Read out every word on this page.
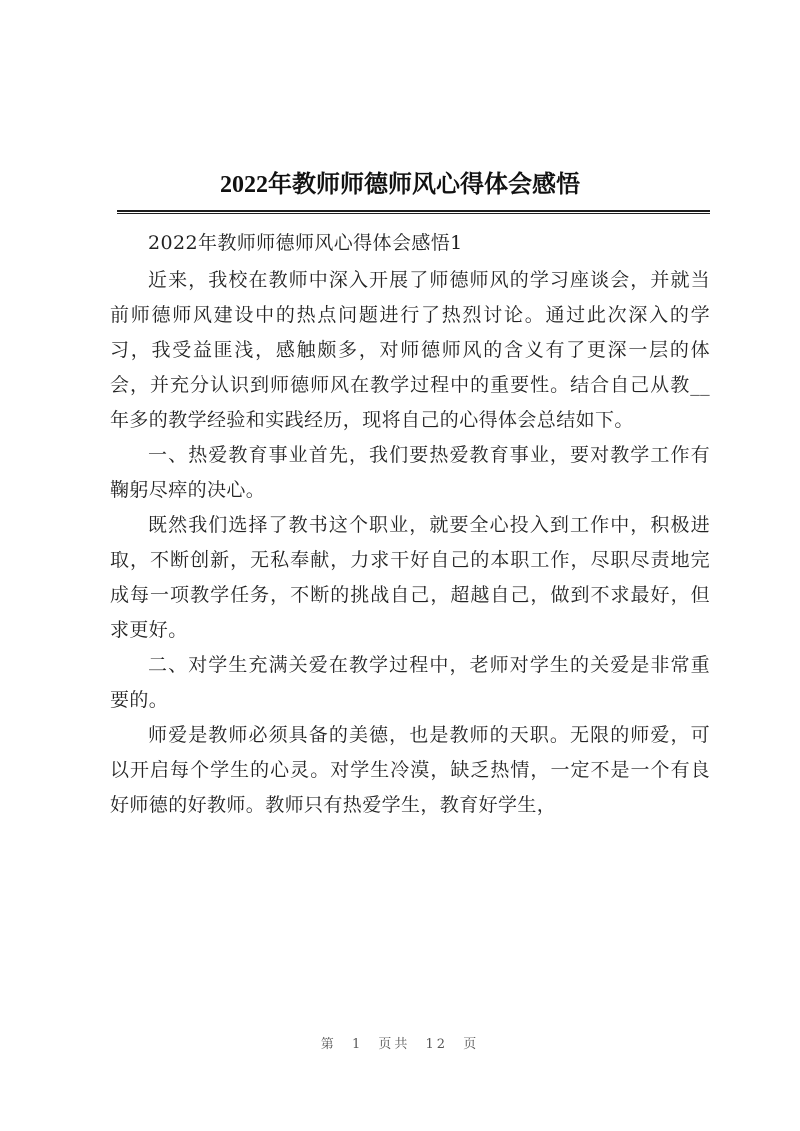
2022年教师师德师风心得体会感悟

2022年教师师德师风心得体会感悟1

近来，我校在教师中深入开展了师德师风的学习座谈会，并就当前师德师风建设中的热点问题进行了热烈讨论。通过此次深入的学习，我受益匪浅，感触颇多，对师德师风的含义有了更深一层的体会，并充分认识到师德师风在教学过程中的重要性。结合自己从教__年多的教学经验和实践经历，现将自己的心得体会总结如下。

一、热爱教育事业首先，我们要热爱教育事业，要对教学工作有鞠躬尽瘁的决心。

既然我们选择了教书这个职业，就要全心投入到工作中，积极进取，不断创新，无私奉献，力求干好自己的本职工作，尽职尽责地完成每一项教学任务，不断的挑战自己，超越自己，做到不求最好，但求更好。

二、对学生充满关爱在教学过程中，老师对学生的关爱是非常重要的。

师爱是教师必须具备的美德，也是教师的天职。无限的师爱，可以开启每个学生的心灵。对学生冷漠，缺乏热情，一定不是一个有良好师德的好教师。教师只有热爱学生，教育好学生，

第 1 页共 12 页
